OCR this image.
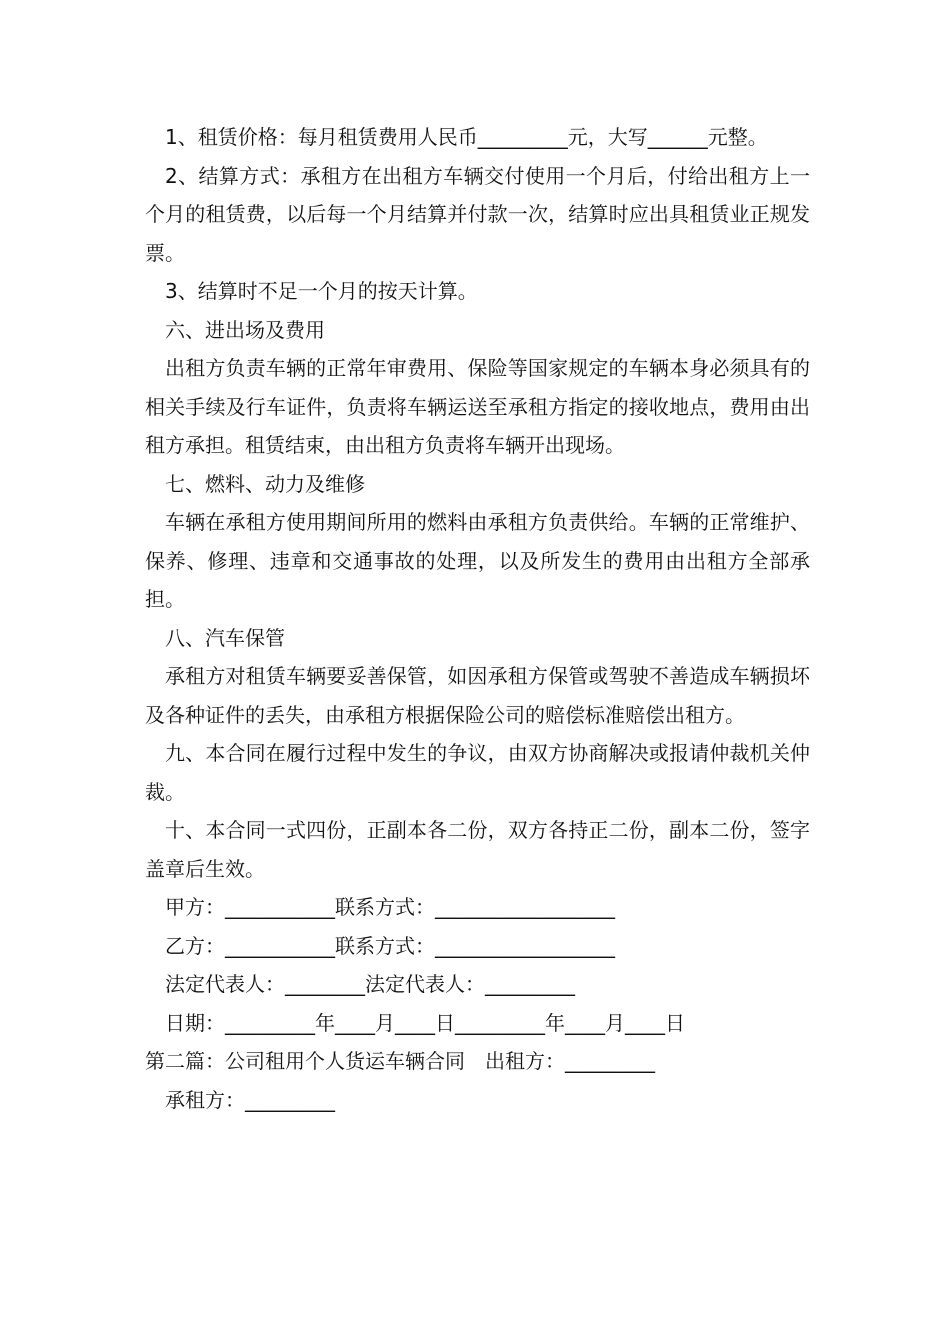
1、租赁价格：每月租赁费用人民币_________元，大写______元整。

2、结算方式：承租方在出租方车辆交付使用一个月后，付给出租方上一个月的租赁费，以后每一个月结算并付款一次，结算时应出具租赁业正规发票。

3、结算时不足一个月的按天计算。

六、进出场及费用

出租方负责车辆的正常年审费用、保险等国家规定的车辆本身必须具有的相关手续及行车证件，负责将车辆运送至承租方指定的接收地点，费用由出租方承担。租赁结束，由出租方负责将车辆开出现场。

七、燃料、动力及维修

车辆在承租方使用期间所用的燃料由承租方负责供给。车辆的正常维护、保养、修理、违章和交通事故的处理，以及所发生的费用由出租方全部承担。

八、汽车保管

承租方对租赁车辆要妥善保管，如因承租方保管或驾驶不善造成车辆损坏及各种证件的丢失，由承租方根据保险公司的赔偿标准赔偿出租方。

九、本合同在履行过程中发生的争议，由双方协商解决或报请仲裁机关仲裁。

十、本合同一式四份，正副本各二份，双方各持正二份，副本二份，签字盖章后生效。

甲方：___________联系方式：__________________

乙方：___________联系方式：__________________

法定代表人：________法定代表人：_________

日期：_________年____月____日_________年____月____日

第二篇：公司租用个人货运车辆合同　出租方：_________

承租方：_________
